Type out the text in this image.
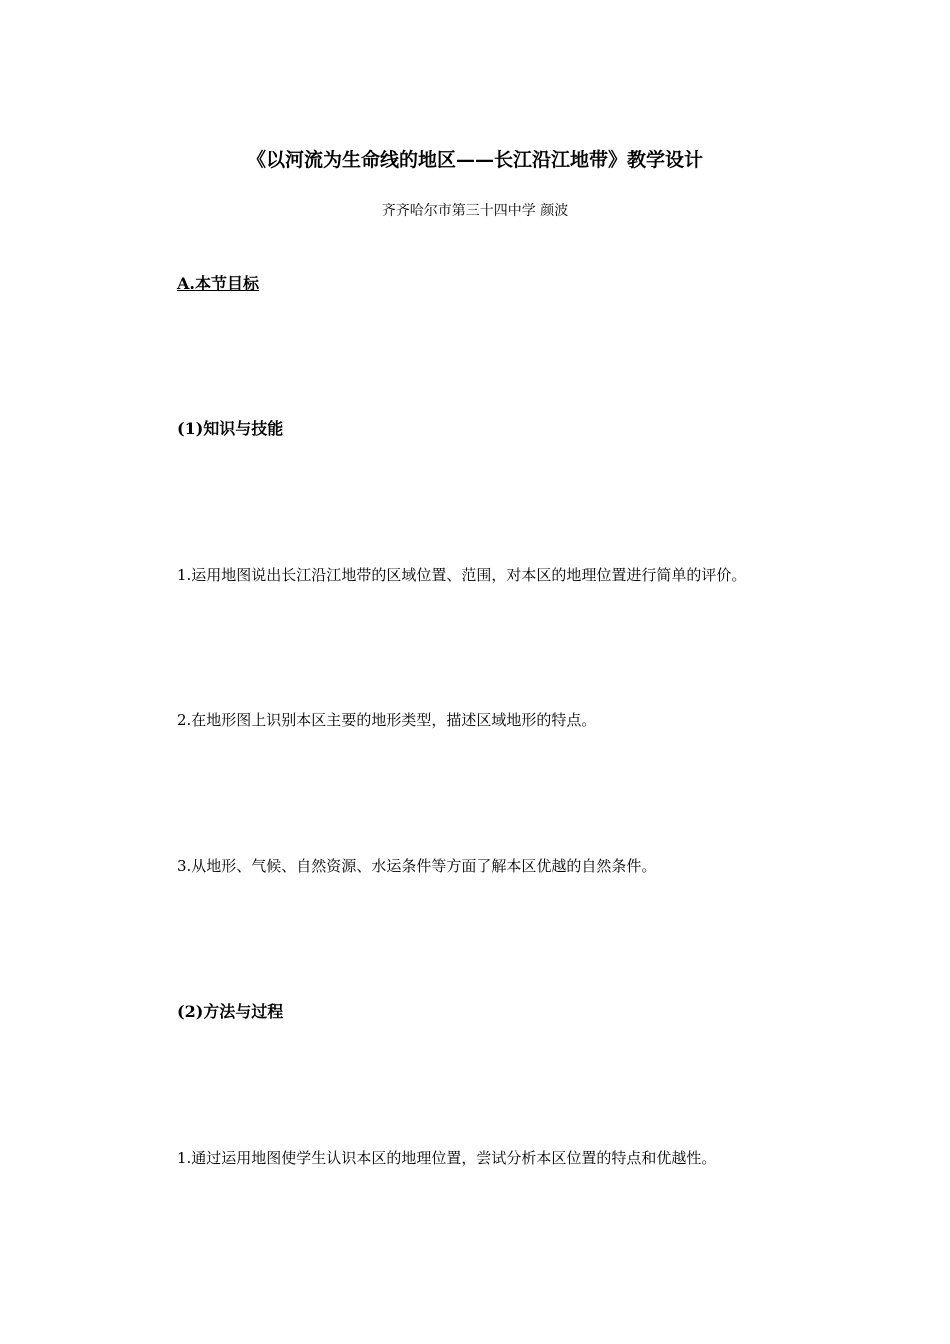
《以河流为生命线的地区——长江沿江地带》教学设计
齐齐哈尔市第三十四中学 颜波
A.本节目标
(1)知识与技能
1.运用地图说出长江沿江地带的区域位置、范围，对本区的地理位置进行简单的评价。
2.在地形图上识别本区主要的地形类型，描述区域地形的特点。
3.从地形、气候、自然资源、水运条件等方面了解本区优越的自然条件。
(2)方法与过程
1.通过运用地图使学生认识本区的地理位置，尝试分析本区位置的特点和优越性。
